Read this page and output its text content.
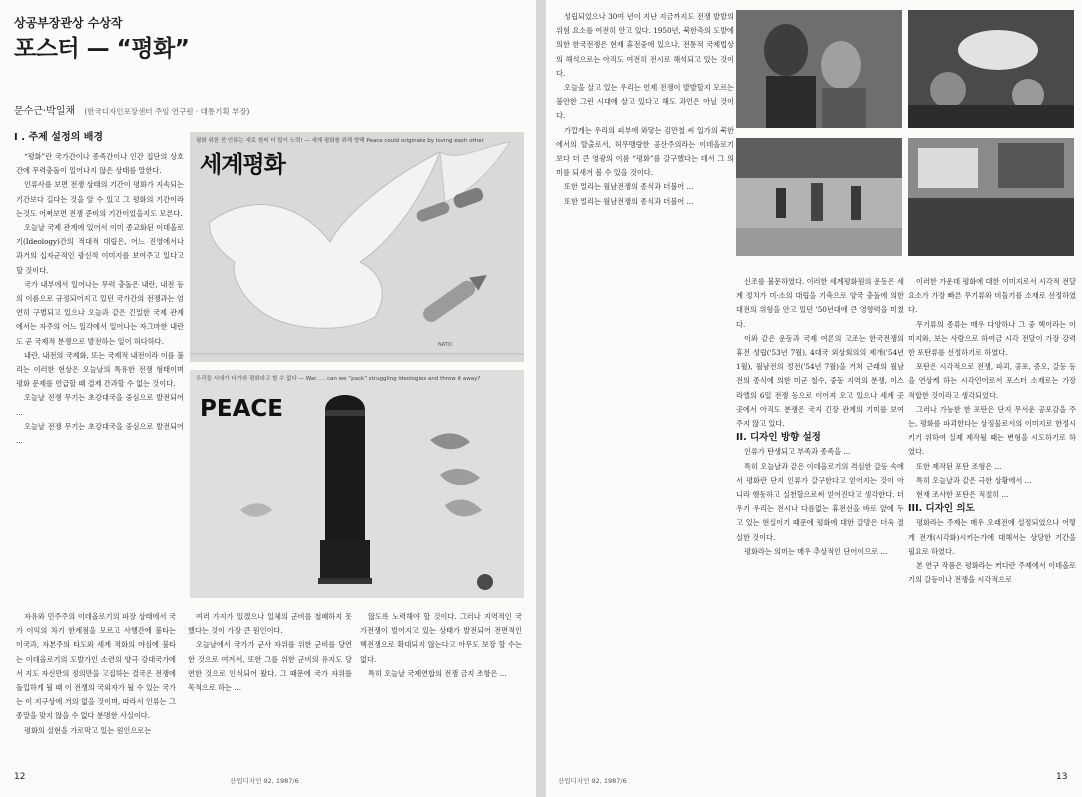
상공부장관상 수상작
포스터 — “평화”
문수근·박일채 (한국디자인포장센터 주임 연구원 · 대통기획 부장)
I . 주제 설정의 배경

“평화”란 국가간이나 종족간이나 인간 집단의 상호간에 무력충돌이 일어나지 않은 상태를 말한다.

인류사를 보면 전쟁 상태의 기간이 평화가 지속되는 기간보다 길다는 것을 알 수 있고 그 평화의 기간이라는것도 어쩌보면 전쟁 준비의 기간이었을지도 모른다.

오늘날 국제 관계에 있어서 이미 종교화된 이데올로기(Ideology)간의 적대적 대립은, 어느 진영에서나 과거의 십자군적인 광신적 이미지를 보여주고 있다고 할 것이다.

국가 내부에서 일어나는 무력 충돌은 내란, 내전 등의 이름으로 규정되어지고 있던 국가간의 전쟁과는 엄연히 구별되고 있으나 오늘과 같은 긴밀한 국제 관계에서는 자주의 어느 일각에서 일어나는 자그마한 내란도 곧 국제적 분쟁으로 발전하는 일이 허다하다.

내란, 내전의 국제화, 또는 국제적 내전이라 이를 불리는 이러한 현상은 오늘날의 특유한 전쟁 형태이며 평화 문제를 언급할 때 결제 간과할 수 없는 것이다.

오늘날 전쟁 무기는 초강대국을 중심으로 발전되어 ...

오늘날 전쟁 무기는 초강대국을 중심으로 발전되어 ...

평화 위한 전 인류는 새로 힘써 더 많이 노력! — 세계 평화를 위해 향해 Peace could originate by loving each other
세계평화
NATO
우리들 시대가 다가와 평화라고 할 수 없다 — War .... can we “pack” struggling ideologies and throw it away?
PEACE

자유와 민주주의 이데올로기의 파장 상태에서 국가 이익의 차기 한계점을 모르고 사행간에 불타는 이국과, 자본주의 타도와 세계 적화의 야심에 불타는 이데올로기의 도발가인 소련의 양극 강대국가에서 지도 자신만의 정의만을 고집하는 결국은 전쟁에 돌입하게 될 때 이 전쟁의 국외자가 될 수 있는 국가는 이 지구상에 거의 없을 것이며, 따라서 인류는 그 종말을 맞지 않을 수 없다 분명한 사실이다.

평화의 실현을 가로막고 있는 원인으로는

여러 가지가 있겠으나 일체의 군비를 철폐하지 못했다는 것이 가장 큰 원인이다.

오늘날에서 국가가 군사 자위를 위한 군비를 당연한 것으로 여겨서, 또한 그를 위한 군비의 유지도 당연한 것으로 인식되어 왔다. 그 때문에 국가 자위를 목적으로 하는 ...

않도록 노력해야 할 것이다. 그러나 지역적인 국가전쟁이 벌어지고 있는 상태가 발전되어 전면적인 핵전쟁으로 확대되지 않는다고 아무도 보장 할 수는 없다.

특히 오늘날 국제연합의 전쟁 금지 조항은 ...

12	산업디자인 92, 1987/6

성립되었으나 30여 년이 지난 지금까지도 전쟁 발발의 위험 요소를 여전히 안고 있다. 1950년, 북한측의 도발에 의한 한국전쟁은 현재 휴전중에 있으나, 전통적 국제법상의 해석으로는 아직도 여전히 전시로 해석되고 있는 것이다.

오늘을 살고 있는 우리는 언제 전쟁이 발발할지 모르는 불안한 그런 시대에 살고 있다고 해도 과언은 아닐 것이다.

가깝게는 우리의 피부에 와닿는 김만철 씨 일가의 북한에서의 탈출로서, 허무맹랑한 공산주의라는 이데올로기보다 더 큰 영광의 이름 “평화”를 갈구했다는 데서 그 의미를 되새겨 볼 수 있을 것이다.

또한 멀리는 월남전쟁의 종식과 더불어 ...

또한 멀리는 월남전쟁의 종식과 더불어 ...

신조를 불문하였다. 이러한 세계평화원의 운동은 세계 정치가 미·소의 대립을 기축으로 양국 충돌에 의한 대전의 위험을 안고 있던 '50년대에 큰 영향력을 미쳤다.

이와 같은 운동과 국제 여론의 고조는 한국전쟁의 휴전 성립('53년 7월), 4대국 외상회의의 제개('54년 1월), 월남전의 정전('54년 7월)을 거쳐 근래의 월남전의 종식에 의한 미군 철수, 중동 지역의 분쟁, 이스라엘의 6일 전쟁 등으로 이어져 오고 있으나 세계 곳곳에서 아직도 분쟁은 국지 긴장 관계의 기미를 보여주지 않고 있다.

II. 디자인 방향 설정

인류가 탄생되고 부족과 종족을 ...

특히 오늘날과 같은 이데올로기의 격심한 갈등 속에서 평화란 단지 인류가 갈구한다고 얻어지는 것이 아니라 행동하고 실천할으로써 얻어진다고 생각한다. 더우기 우리는 전시나 다름없는 휴전선을 바로 앞에 두고 있는 현실이기 때문에 평화에 대한 갈망은 더욱 절실한 것이다.

평화라는 의미는 매우 추상적인 단어이므로 ...

이러한 가운데 평화에 대한 이미지로서 시각적 전달 요소가 가장 빠른 무기류와 비둘기를 소재로 선정하였다.

무기류의 종류는 매우 다양하나 그 중 핵이라는 이미지와, 보는 사람으로 하여금 시각 전달이 가장 강력한 포탄류를 선정하기로 하였다.

포탄은 시각적으로 전쟁, 파괴, 공포, 증오, 갈등 등을 연상케 하는 시각언어로서 포스터 소재로는 가장 적합한 것이라고 생각되었다.

그러나 가능한 한 포탄은 단지 무서운 공포감을 주는, 평화를 파괴한다는 상징물로서의 이미지로 한정시키기 위하여 실제 제작될 때는 변형을 시도하기로 하였다.

또한 제작된 포탄 조형은 ...

특히 오늘날과 같은 극한 상황에서 ...

현재 조사한 포탄은 적절히 ...

III. 디자인 의도

평화라는 주제는 매우 오래전에 설정되었으나 어떻게 전개(시각화)시키는가에 대해서는 상당한 기간을 필요로 하였다.

본 연구 작품은 평화라는 커다란 주제에서 이데올로기의 갈등이나 전쟁을 시각적으로

산업디자인 92, 1987/6	13
